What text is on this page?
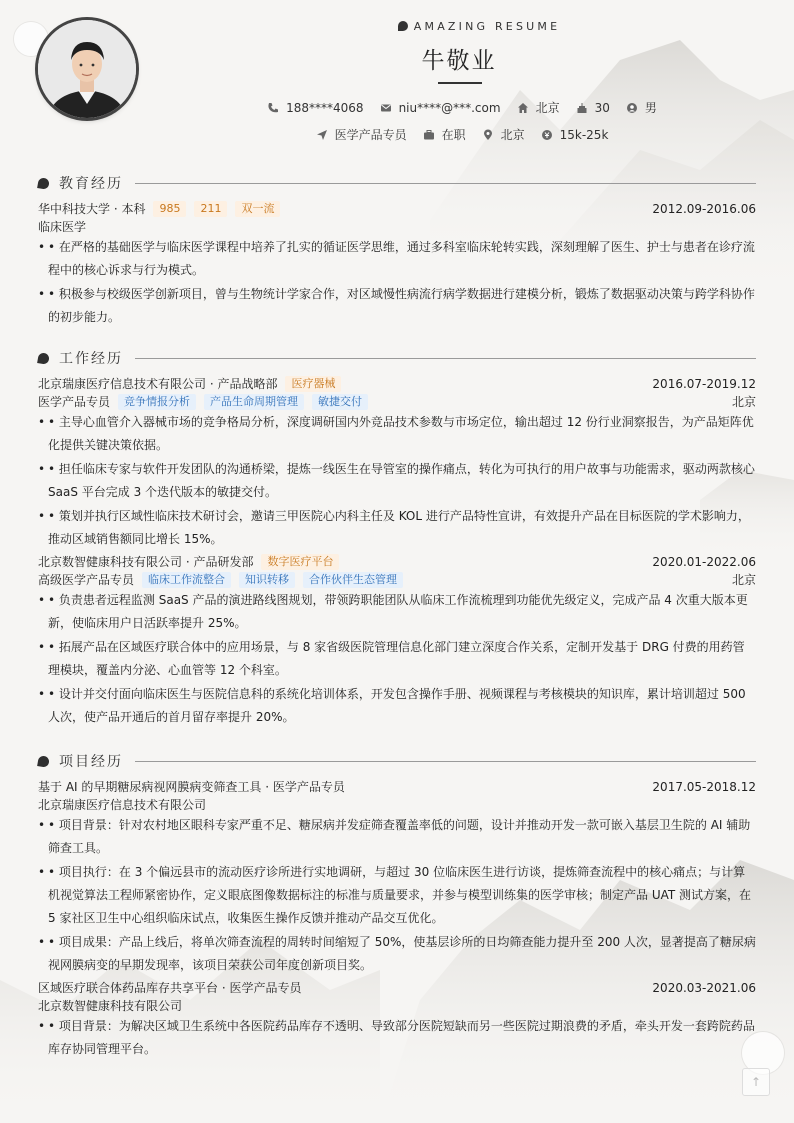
AMAZING RESUME
牛敬业
188****4068	niu****@***.com	北京	30	男
医学产品专员	在职	北京	15k-25k
教育经历
华中科技大学 · 本科	985	211	双一流	2012.09-2016.06
临床医学
• • 在严格的基础医学与临床医学课程中培养了扎实的循证医学思维，通过多科室临床轮转实践，深刻理解了医生、护士与患者在诊疗流程中的核心诉求与行为模式。
• • 积极参与校级医学创新项目，曾与生物统计学家合作，对区域慢性病流行病学数据进行建模分析，锻炼了数据驱动决策与跨学科协作的初步能力。
工作经历
北京瑞康医疗信息技术有限公司 · 产品战略部	医疗器械	2016.07-2019.12
医学产品专员	竞争情报分析	产品生命周期管理	敏捷交付	北京
• • 主导心血管介入器械市场的竞争格局分析，深度调研国内外竞品技术参数与市场定位，输出超过 12 份行业洞察报告，为产品矩阵优化提供关键决策依据。
• • 担任临床专家与软件开发团队的沟通桥梁，提炼一线医生在导管室的操作痛点，转化为可执行的用户故事与功能需求，驱动两款核心 SaaS 平台完成 3 个迭代版本的敏捷交付。
• • 策划并执行区域性临床技术研讨会，邀请三甲医院心内科主任及 KOL 进行产品特性宣讲，有效提升产品在目标医院的学术影响力，推动区域销售额同比增长 15%。
北京数智健康科技有限公司 · 产品研发部	数字医疗平台	2020.01-2022.06
高级医学产品专员	临床工作流整合	知识转移	合作伙伴生态管理	北京
• • 负责患者远程监测 SaaS 产品的演进路线图规划，带领跨职能团队从临床工作流梳理到功能优先级定义，完成产品 4 次重大版本更新，使临床用户日活跃率提升 25%。
• • 拓展产品在区域医疗联合体中的应用场景，与 8 家省级医院管理信息化部门建立深度合作关系，定制开发基于 DRG 付费的用药管理模块，覆盖内分泌、心血管等 12 个科室。
• • 设计并交付面向临床医生与医院信息科的系统化培训体系，开发包含操作手册、视频课程与考核模块的知识库，累计培训超过 500 人次，使产品开通后的首月留存率提升 20%。
项目经历
基于 AI 的早期糖尿病视网膜病变筛查工具 · 医学产品专员	2017.05-2018.12
北京瑞康医疗信息技术有限公司
• • 项目背景：针对农村地区眼科专家严重不足、糖尿病并发症筛查覆盖率低的问题，设计并推动开发一款可嵌入基层卫生院的 AI 辅助筛查工具。
• • 项目执行：在 3 个偏远县市的流动医疗诊所进行实地调研，与超过 30 位临床医生进行访谈，提炼筛查流程中的核心痛点；与计算机视觉算法工程师紧密协作，定义眼底图像数据标注的标准与质量要求，并参与模型训练集的医学审核；制定产品 UAT 测试方案，在 5 家社区卫生中心组织临床试点，收集医生操作反馈并推动产品交互优化。
• • 项目成果：产品上线后，将单次筛查流程的周转时间缩短了 50%，使基层诊所的日均筛查能力提升至 200 人次，显著提高了糖尿病视网膜病变的早期发现率，该项目荣获公司年度创新项目奖。
区域医疗联合体药品库存共享平台 · 医学产品专员	2020.03-2021.06
北京数智健康科技有限公司
• • 项目背景：为解决区域卫生系统中各医院药品库存不透明、导致部分医院短缺而另一些医院过期浪费的矛盾，牵头开发一套跨院药品库存协同管理平台。
↑
